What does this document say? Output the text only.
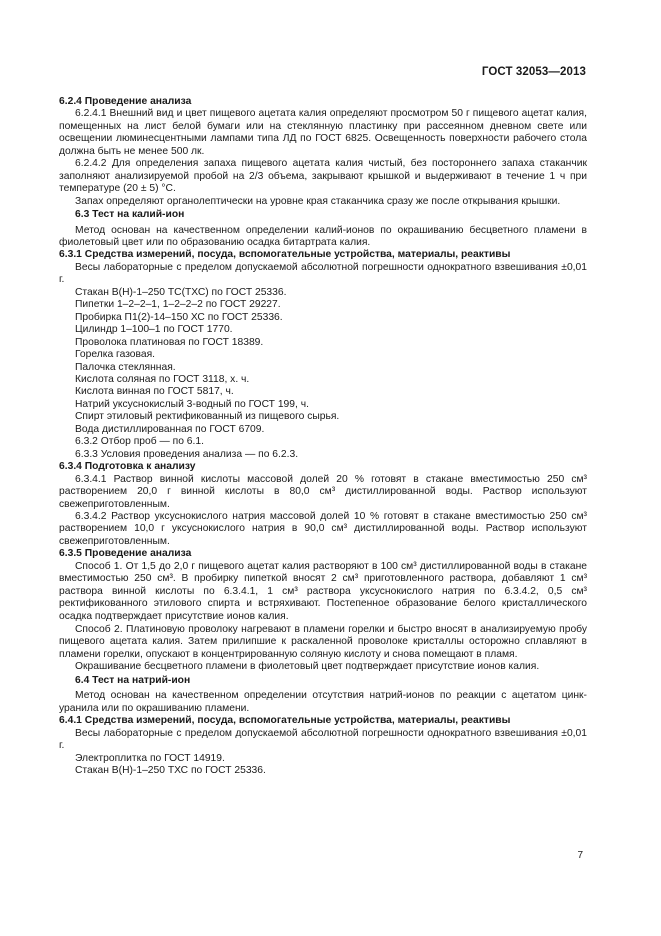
ГОСТ 32053—2013

6.2.4 Проведение анализа

6.2.4.1 Внешний вид и цвет пищевого ацетата калия определяют просмотром 50 г пищевого ацетат калия, помещенных на лист белой бумаги или на стеклянную пластинку при рассеянном дневном свете или освещении люминесцентными лампами типа ЛД по ГОСТ 6825. Освещенность поверхности рабочего стола должна быть не менее 500 лк.

6.2.4.2 Для определения запаха пищевого ацетата калия чистый, без постороннего запаха стаканчик заполняют анализируемой пробой на 2/3 объема, закрывают крышкой и выдерживают в течение 1 ч при температуре (20 ± 5) °С.

Запах определяют органолептически на уровне края стаканчика сразу же после открывания крышки.

6.3 Тест на калий-ион

Метод основан на качественном определении калий-ионов по окрашиванию бесцветного пламени в фиолетовый цвет или по образованию осадка битартрата калия.

6.3.1 Средства измерений, посуда, вспомогательные устройства, материалы, реактивы

Весы лабораторные с пределом допускаемой абсолютной погрешности однократного взвешивания ±0,01 г.

Стакан В(Н)-1–250 ТС(ТХС) по ГОСТ 25336.

Пипетки 1–2–2–1, 1–2–2–2 по ГОСТ 29227.

Пробирка П1(2)-14–150 ХС по ГОСТ 25336.

Цилиндр 1–100–1 по ГОСТ 1770.

Проволока платиновая по ГОСТ 18389.

Горелка газовая.

Палочка стеклянная.

Кислота соляная по ГОСТ 3118, х. ч.

Кислота винная по ГОСТ 5817, ч.

Натрий уксуснокислый 3-водный по ГОСТ 199, ч.

Спирт этиловый ректификованный из пищевого сырья.

Вода дистиллированная по ГОСТ 6709.

6.3.2 Отбор проб — по 6.1.

6.3.3 Условия проведения анализа — по 6.2.3.

6.3.4 Подготовка к анализу

6.3.4.1 Раствор винной кислоты массовой долей 20 % готовят в стакане вместимостью 250 см³ растворением 20,0 г винной кислоты в 80,0 см³ дистиллированной воды. Раствор используют свежеприготовленным.

6.3.4.2 Раствор уксуснокислого натрия массовой долей 10 % готовят в стакане вместимостью 250 см³ растворением 10,0 г уксуснокислого натрия в 90,0 см³ дистиллированной воды. Раствор используют свежеприготовленным.

6.3.5 Проведение анализа

Способ 1. От 1,5 до 2,0 г пищевого ацетат калия растворяют в 100 см³ дистиллированной воды в стакане вместимостью 250 см³. В пробирку пипеткой вносят 2 см³ приготовленного раствора, добавляют 1 см³ раствора винной кислоты по 6.3.4.1, 1 см³ раствора уксуснокислого натрия по 6.3.4.2, 0,5 см³ ректификованного этилового спирта и встряхивают. Постепенное образование белого кристаллического осадка подтверждает присутствие ионов калия.

Способ 2. Платиновую проволоку нагревают в пламени горелки и быстро вносят в анализируемую пробу пищевого ацетата калия. Затем прилипшие к раскаленной проволоке кристаллы осторожно сплавляют в пламени горелки, опускают в концентрированную соляную кислоту и снова помещают в пламя.

Окрашивание бесцветного пламени в фиолетовый цвет подтверждает присутствие ионов калия.

6.4 Тест на натрий-ион

Метод основан на качественном определении отсутствия натрий-ионов по реакции с ацетатом цинк-уранила или по окрашиванию пламени.

6.4.1 Средства измерений, посуда, вспомогательные устройства, материалы, реактивы

Весы лабораторные с пределом допускаемой абсолютной погрешности однократного взвешивания ±0,01 г.

Электроплитка по ГОСТ 14919.

Стакан В(Н)-1–250 ТХС по ГОСТ 25336.

7
